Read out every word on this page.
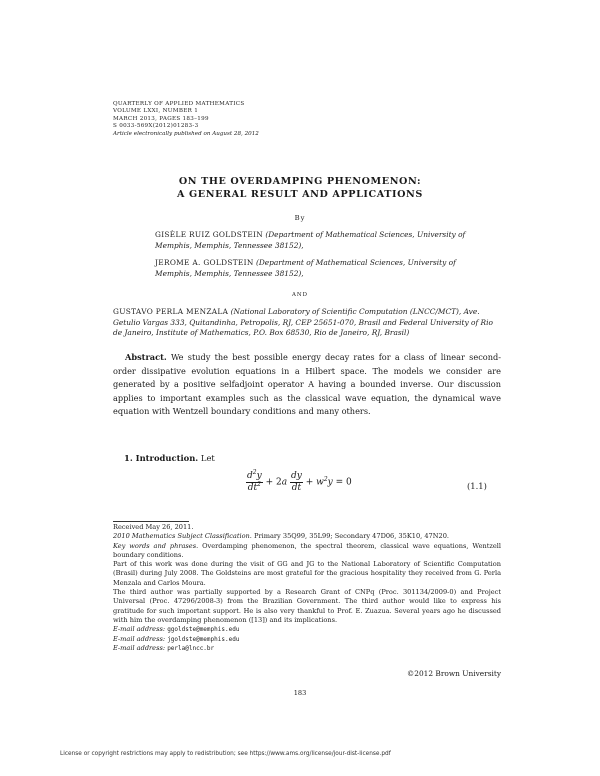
QUARTERLY OF APPLIED MATHEMATICS
VOLUME LXXI, NUMBER 1
MARCH 2013, PAGES 183–199
S 0033-569X(2012)01283-3
Article electronically published on August 28, 2012
ON THE OVERDAMPING PHENOMENON:
A GENERAL RESULT AND APPLICATIONS
By
GISÈLE RUIZ GOLDSTEIN (Department of Mathematical Sciences, University of Memphis, Memphis, Tennessee 38152),
JEROME A. GOLDSTEIN (Department of Mathematical Sciences, University of Memphis, Memphis, Tennessee 38152),
AND
GUSTAVO PERLA MENZALA (National Laboratory of Scientific Computation (LNCC/MCT), Ave. Getulio Vargas 333, Quitandinha, Petropolis, RJ, CEP 25651-070, Brasil and Federal University of Rio de Janeiro, Institute of Mathematics, P.O. Box 68530, Rio de Janeiro, RJ, Brasil)
Abstract. We study the best possible energy decay rates for a class of linear second-order dissipative evolution equations in a Hilbert space. The models we consider are generated by a positive selfadjoint operator A having a bounded inverse. Our discussion applies to important examples such as the classical wave equation, the dynamical wave equation with Wentzell boundary conditions and many others.
1. Introduction. Let
$\frac{d^2y}{dt^2} + 2a \frac{dy}{dt} + w^2y = 0$	(1.1)

Received May 26, 2011.

2010 Mathematics Subject Classification. Primary 35Q99, 35L99; Secondary 47D06, 35K10, 47N20.

Key words and phrases. Overdamping phenomenon, the spectral theorem, classical wave equations, Wentzell boundary conditions.

Part of this work was done during the visit of GG and JG to the National Laboratory of Scientific Computation (Brasil) during July 2008. The Goldsteins are most grateful for the gracious hospitality they received from G. Perla Menzala and Carlos Moura.

The third author was partially supported by a Research Grant of CNPq (Proc. 301134/2009-0) and Project Universal (Proc. 47296/2008-3) from the Brazilian Government. The third author would like to express his gratitude for such important support. He is also very thankful to Prof. E. Zuazua. Several years ago he discussed with him the overdamping phenomenon ([13]) and its implications.

E-mail address: ggoldste@memphis.edu

E-mail address: jgoldste@memphis.edu

E-mail address: perla@lncc.br

©2012 Brown University
183
License or copyright restrictions may apply to redistribution; see https://www.ams.org/license/jour-dist-license.pdf
